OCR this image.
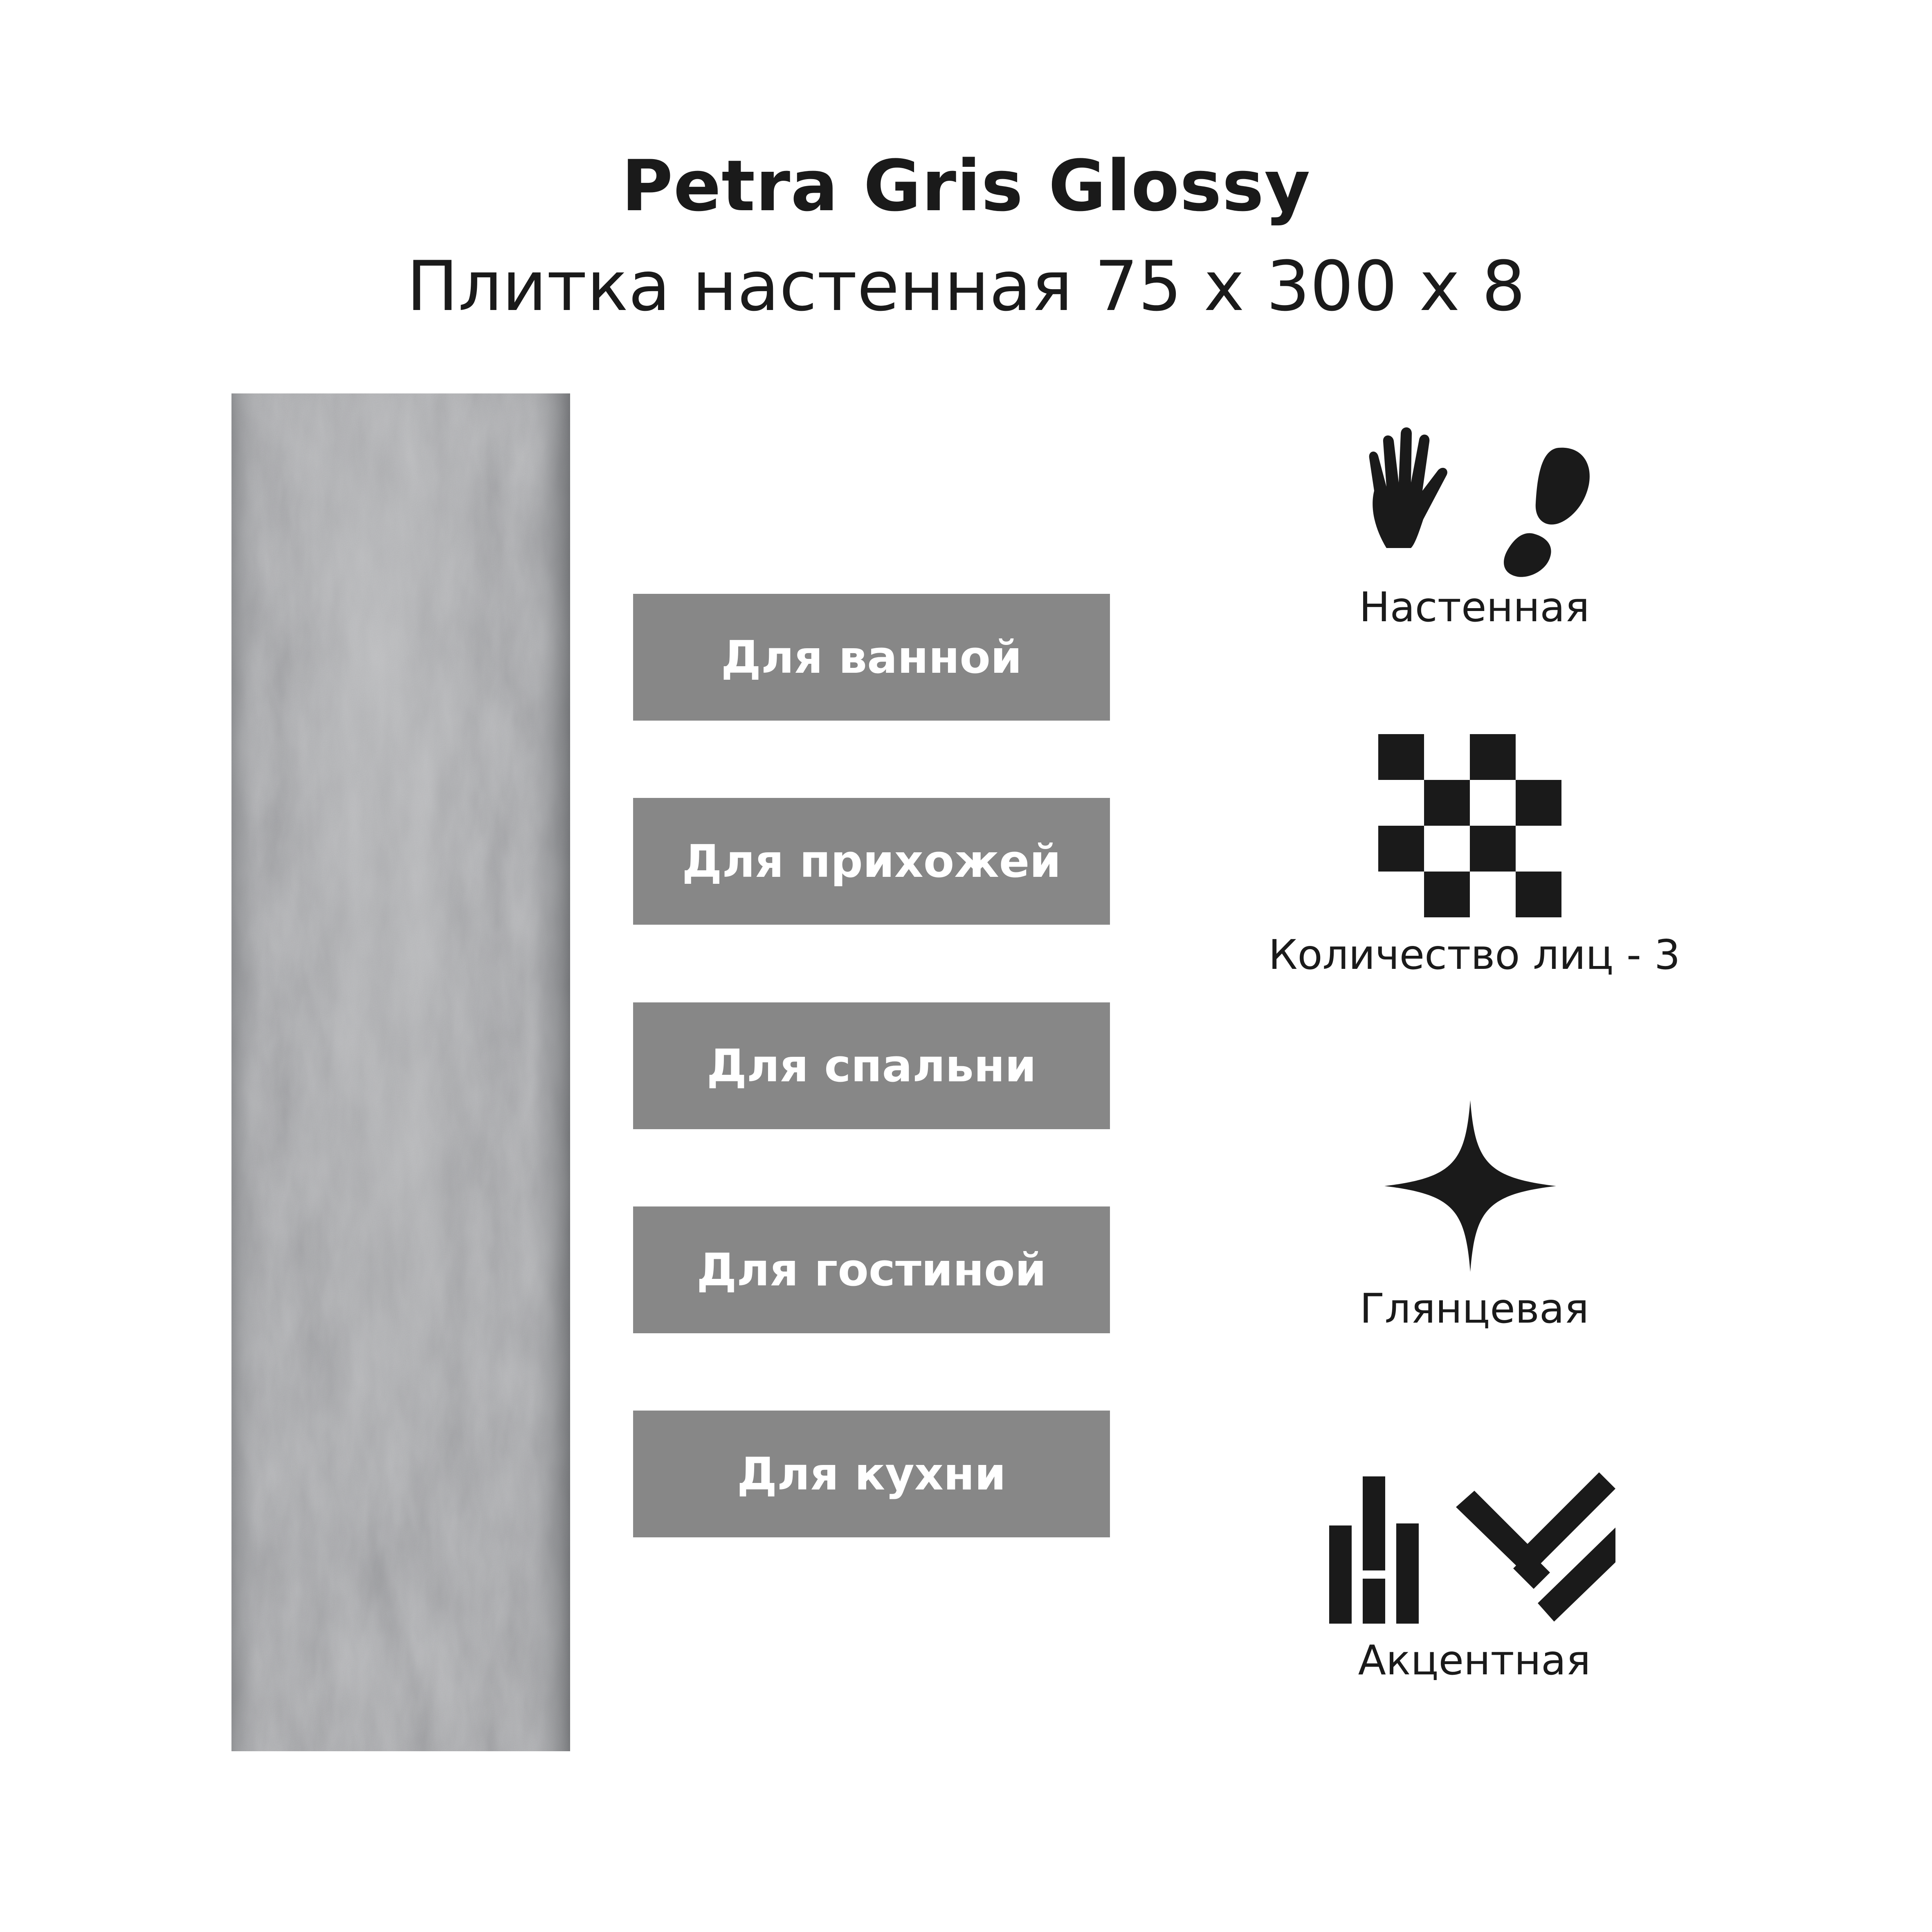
Petra Gris Glossy
Плитка настенная 75 х 300 х 8
Для ванной
Для прихожей
Для спальни
Для гостиной
Для кухни
Настенная
Количество лиц - 3
Глянцевая
Акцентная
